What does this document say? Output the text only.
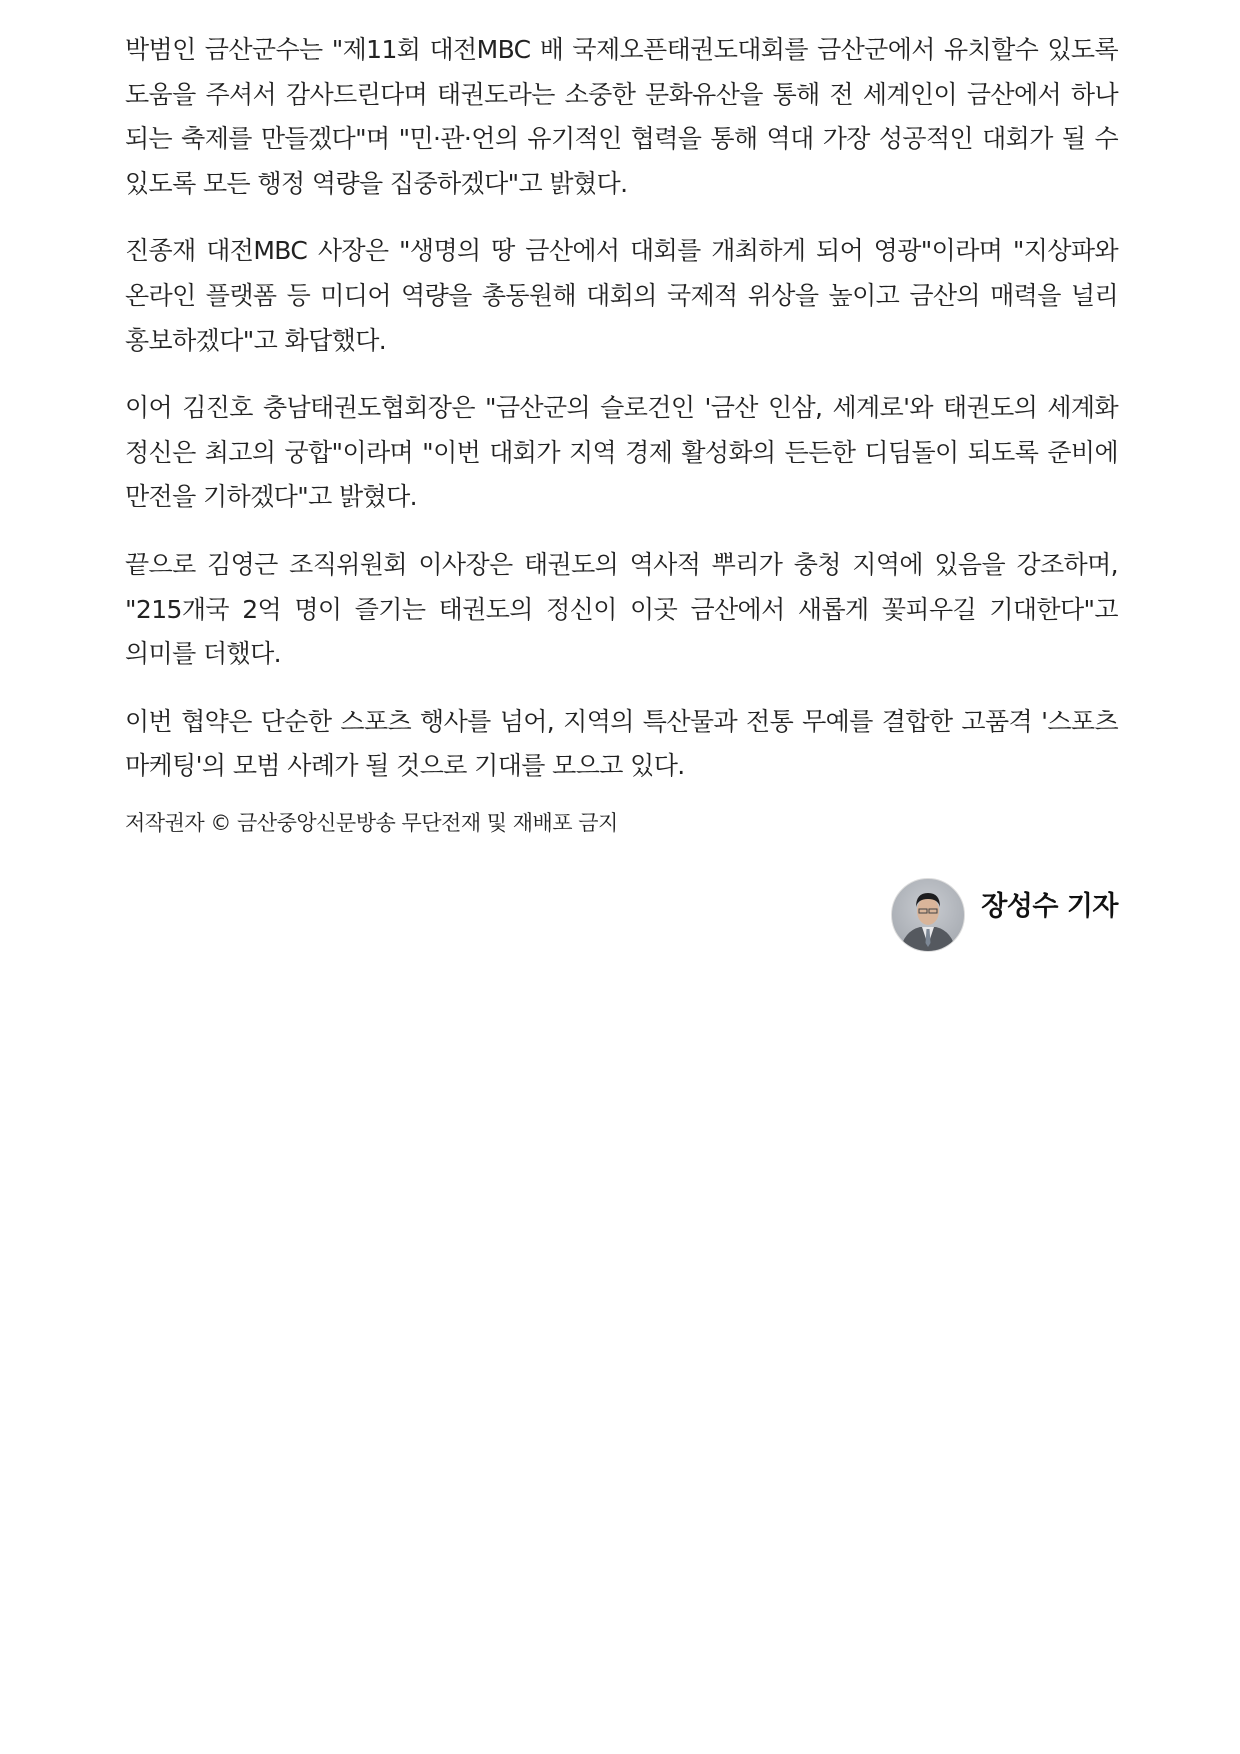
박범인 금산군수는 "제11회 대전MBC 배 국제오픈태권도대회를 금산군에서 유치할수 있도록 도움을 주셔서 감사드린다며 태권도라는 소중한 문화유산을 통해 전 세계인이 금산에서 하나 되는 축제를 만들겠다"며 "민·관·언의 유기적인 협력을 통해 역대 가장 성공적인 대회가 될 수 있도록 모든 행정 역량을 집중하겠다"고 밝혔다.

진종재 대전MBC 사장은 "생명의 땅 금산에서 대회를 개최하게 되어 영광"이라며 "지상파와 온라인 플랫폼 등 미디어 역량을 총동원해 대회의 국제적 위상을 높이고 금산의 매력을 널리 홍보하겠다"고 화답했다.

이어 김진호 충남태권도협회장은 "금산군의 슬로건인 '금산 인삼, 세계로'와 태권도의 세계화 정신은 최고의 궁합"이라며 "이번 대회가 지역 경제 활성화의 든든한 디딤돌이 되도록 준비에 만전을 기하겠다"고 밝혔다.

끝으로 김영근 조직위원회 이사장은 태권도의 역사적 뿌리가 충청 지역에 있음을 강조하며, "215개국 2억 명이 즐기는 태권도의 정신이 이곳 금산에서 새롭게 꽃피우길 기대한다"고 의미를 더했다.

이번 협약은 단순한 스포츠 행사를 넘어, 지역의 특산물과 전통 무예를 결합한 고품격 '스포츠 마케팅'의 모범 사례가 될 것으로 기대를 모으고 있다.

저작권자 © 금산중앙신문방송 무단전재 및 재배포 금지
장성수 기자
